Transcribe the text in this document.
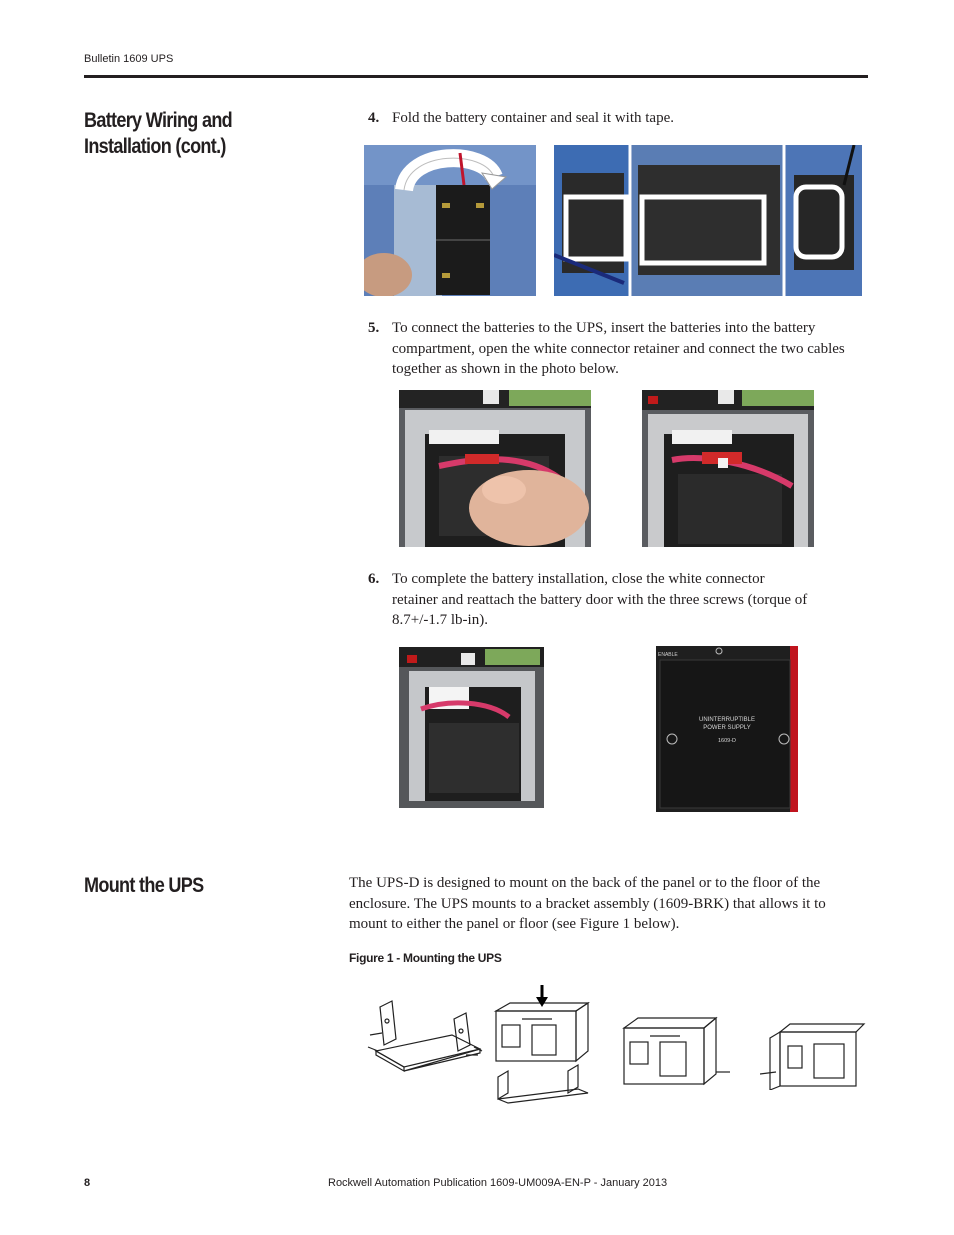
Bulletin 1609 UPS
Battery Wiring and Installation (cont.)
4. Fold the battery container and seal it with tape.
5. To connect the batteries to the UPS, insert the batteries into the battery compartment, open the white connector retainer and connect the two cables together as shown in the photo below.
6. To complete the battery installation, close the white connector retainer and reattach the battery door with the three screws (torque of 8.7+/-1.7 lb-in).
ENABLE
UNINTERRUPTIBLE
POWER SUPPLY
1609-D
Mount the UPS	The UPS-D is designed to mount on the back of the panel or to the floor of the enclosure. The UPS mounts to a bracket assembly (1609-BRK) that allows it to mount to either the panel or floor (see Figure 1 below).
Figure 1 - Mounting the UPS
8	Rockwell Automation Publication 1609-UM009A-EN-P - January 2013
